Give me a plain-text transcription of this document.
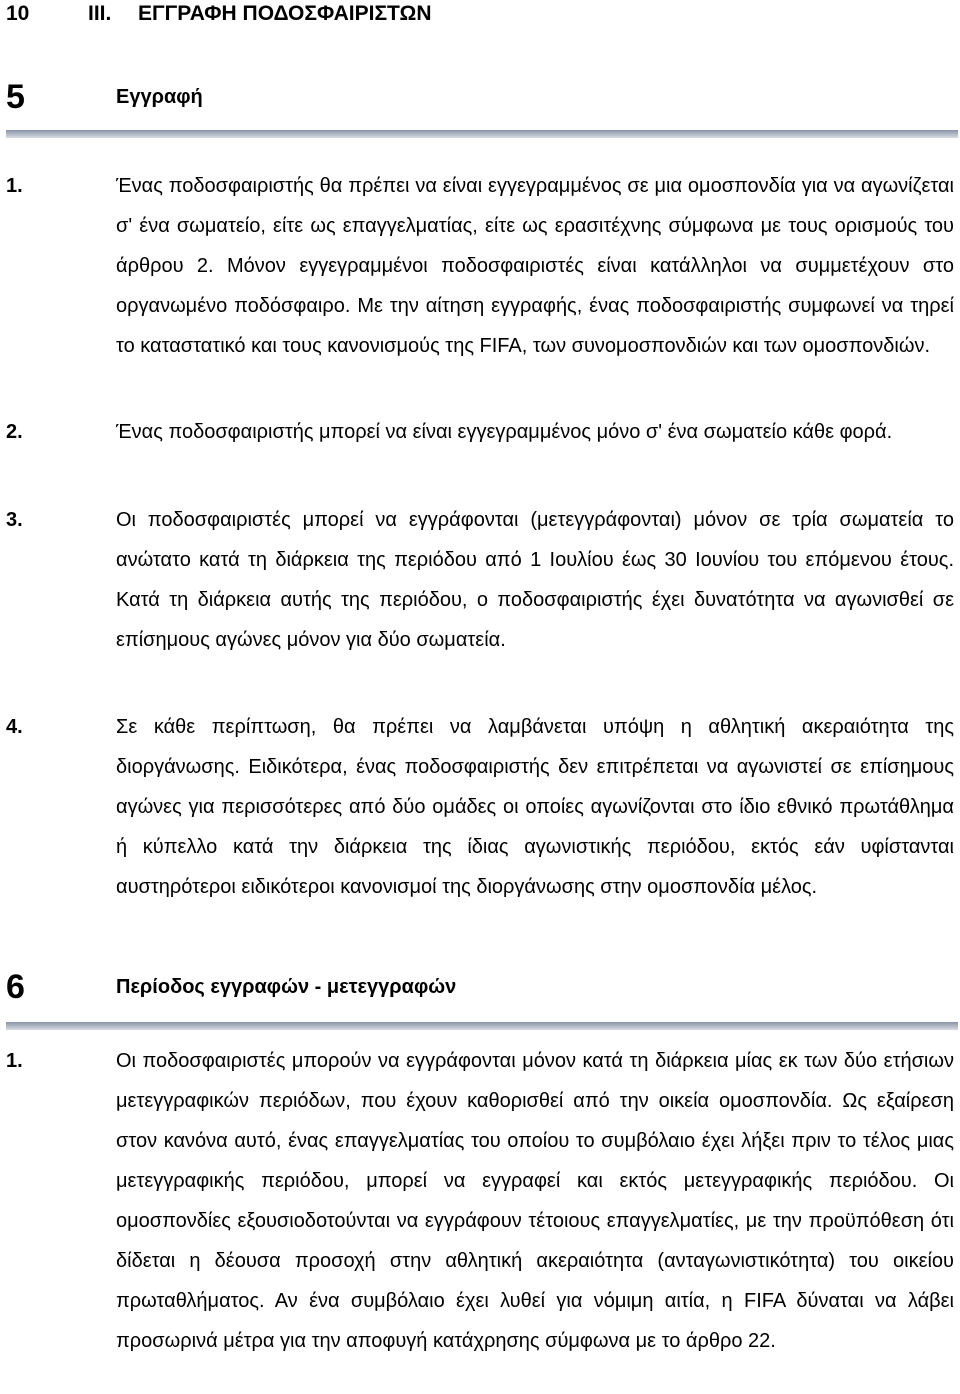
10	III. ΕΓΓΡΑΦΗ ΠΟΔΟΣΦΑΙΡΙΣΤΩΝ
5	Εγγραφή
1.	Ένας ποδοσφαιριστής θα πρέπει να είναι εγγεγραμμένος σε μια ομοσπονδία για να αγωνίζεται σ' ένα σωματείο, είτε ως επαγγελματίας, είτε ως ερασιτέχνης σύμφωνα με τους ορισμούς του άρθρου 2. Μόνον εγγεγραμμένοι ποδοσφαιριστές είναι κατάλληλοι να συμμετέχουν στο οργανωμένο ποδόσφαιρο. Με την αίτηση εγγραφής, ένας ποδοσφαιριστής συμφωνεί να τηρεί το καταστατικό και τους κανονισμούς της FIFA, των συνομοσπονδιών και των ομοσπονδιών.
2.	Ένας ποδοσφαιριστής μπορεί να είναι εγγεγραμμένος μόνο σ' ένα σωματείο κάθε φορά.
3.	Οι ποδοσφαιριστές μπορεί να εγγράφονται (μετεγγράφονται) μόνον σε τρία σωματεία το ανώτατο κατά τη διάρκεια της περιόδου από 1 Ιουλίου έως 30 Ιουνίου του επόμενου έτους. Κατά τη διάρκεια αυτής της περιόδου, ο ποδοσφαιριστής έχει δυνατότητα να αγωνισθεί σε επίσημους αγώνες μόνον για δύο σωματεία.
4.	Σε κάθε περίπτωση, θα πρέπει να λαμβάνεται υπόψη η αθλητική ακεραιότητα της διοργάνωσης. Ειδικότερα, ένας ποδοσφαιριστής δεν επιτρέπεται να αγωνιστεί σε επίσημους αγώνες για περισσότερες από δύο ομάδες οι οποίες αγωνίζονται στο ίδιο εθνικό πρωτάθλημα ή κύπελλο κατά την διάρκεια της ίδιας αγωνιστικής περιόδου, εκτός εάν υφίστανται αυστηρότεροι ειδικότεροι κανονισμοί της διοργάνωσης στην ομοσπονδία μέλος.
6	Περίοδος εγγραφών - μετεγγραφών
1.	Οι ποδοσφαιριστές μπορούν να εγγράφονται μόνον κατά τη διάρκεια μίας εκ των δύο ετήσιων μετεγγραφικών περιόδων, που έχουν καθορισθεί από την οικεία ομοσπονδία. Ως εξαίρεση στον κανόνα αυτό, ένας επαγγελματίας του οποίου το συμβόλαιο έχει λήξει πριν το τέλος μιας μετεγγραφικής περιόδου, μπορεί να εγγραφεί και εκτός μετεγγραφικής περιόδου. Οι ομοσπονδίες εξουσιοδοτούνται να εγγράφουν τέτοιους επαγγελματίες, με την προϋπόθεση ότι δίδεται η δέουσα προσοχή στην αθλητική ακεραιότητα (ανταγωνιστικότητα) του οικείου πρωταθλήματος. Αν ένα συμβόλαιο έχει λυθεί για νόμιμη αιτία, η FIFA δύναται να λάβει προσωρινά μέτρα για την αποφυγή κατάχρησης σύμφωνα με το άρθρο 22.
